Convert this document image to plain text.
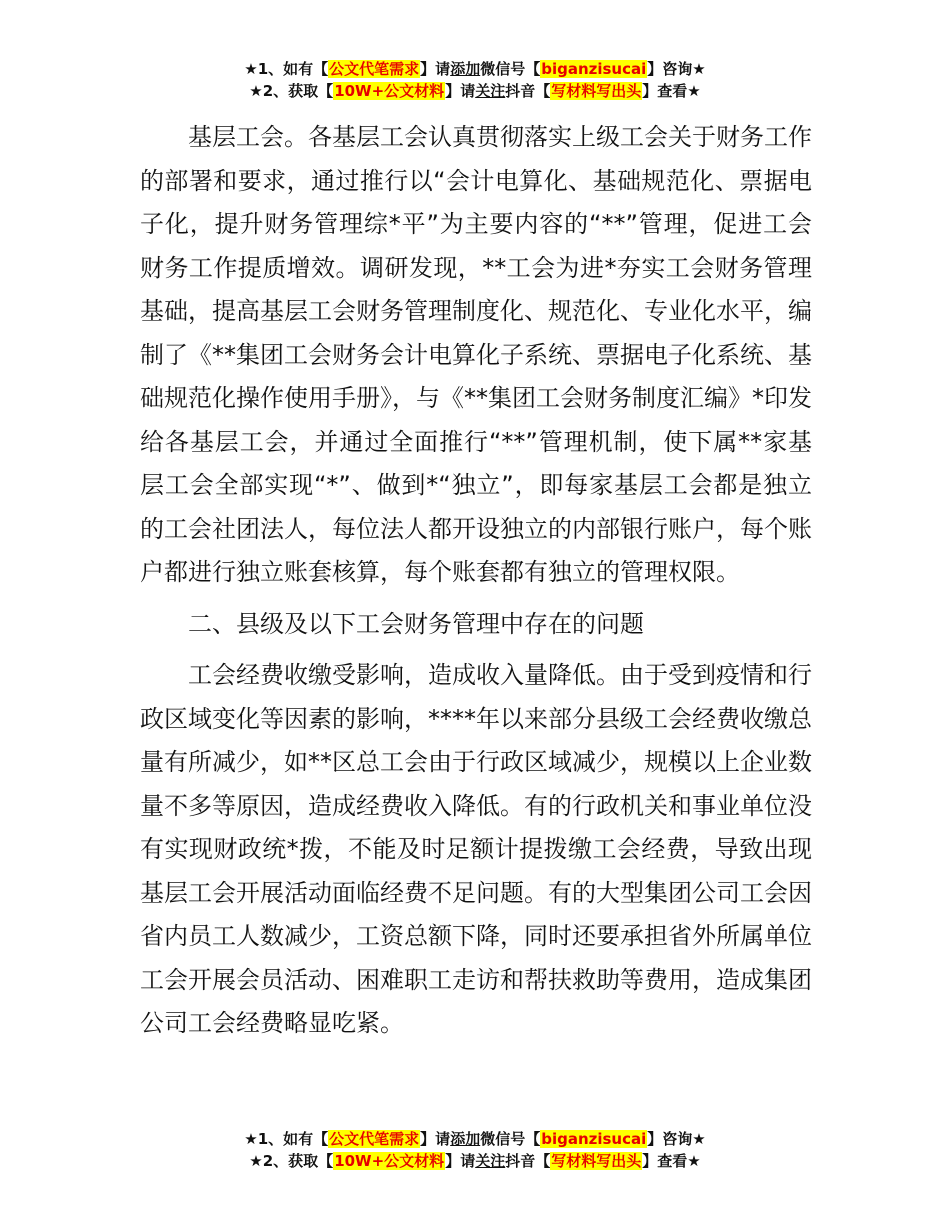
★1、如有【公文代笔需求】请添加微信号【biganzisucai】咨询★
★2、获取【10W+公文材料】请关注抖音【写材料写出头】查看★

基层工会。各基层工会认真贯彻落实上级工会关于财务工作的部署和要求，通过推行以“会计电算化、基础规范化、票据电子化，提升财务管理综*平”为主要内容的“**”管理，促进工会财务工作提质增效。调研发现，**工会为进*夯实工会财务管理基础，提高基层工会财务管理制度化、规范化、专业化水平，编制了《**集团工会财务会计电算化子系统、票据电子化系统、基础规范化操作使用手册》，与《**集团工会财务制度汇编》*印发给各基层工会，并通过全面推行“**”管理机制，使下属**家基层工会全部实现“*”、做到*“独立”，即每家基层工会都是独立的工会社团法人，每位法人都开设独立的内部银行账户，每个账户都进行独立账套核算，每个账套都有独立的管理权限。

二、县级及以下工会财务管理中存在的问题

工会经费收缴受影响，造成收入量降低。由于受到疫情和行政区域变化等因素的影响，****年以来部分县级工会经费收缴总量有所减少，如**区总工会由于行政区域减少，规模以上企业数量不多等原因，造成经费收入降低。有的行政机关和事业单位没有实现财政统*拨，不能及时足额计提拨缴工会经费，导致出现基层工会开展活动面临经费不足问题。有的大型集团公司工会因省内员工人数减少，工资总额下降，同时还要承担省外所属单位工会开展会员活动、困难职工走访和帮扶救助等费用，造成集团公司工会经费略显吃紧。

★1、如有【公文代笔需求】请添加微信号【biganzisucai】咨询★
★2、获取【10W+公文材料】请关注抖音【写材料写出头】查看★
